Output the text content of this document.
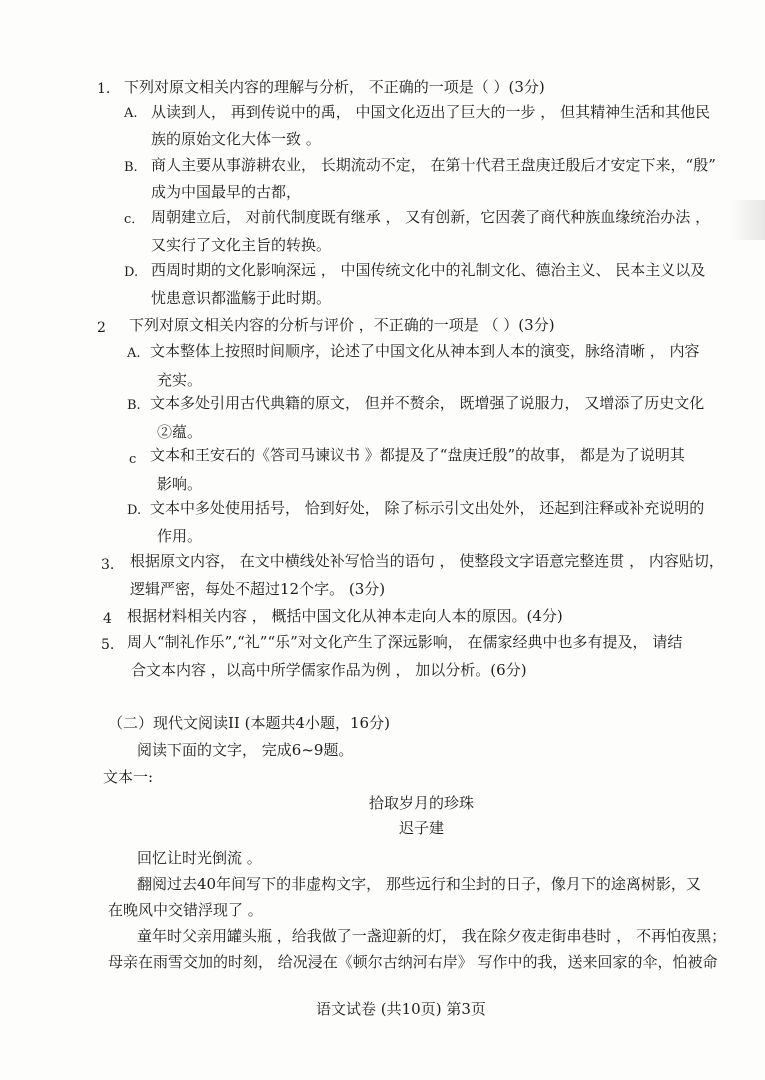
1. 下列对原文相关内容的理解与分析， 不正确的一项是（ ）(3分)
A. 从读到人， 再到传说中的禹， 中国文化迈出了巨大的一步 ， 但其精神生活和其他民
族的原始文化大体一致 。
B. 商人主要从事游耕农业， 长期流动不定， 在第十代君王盘庚迁殷后才安定下来，“殷”
成为中国最早的古都，
c． 周朝建立后， 对前代制度既有继承 ， 又有创新，它因袭了商代种族血缘统治办法 ，
又实行了文化主旨的转换。
D. 西周时期的文化影响深远 ， 中国传统文化中的礼制文化、德治主义、 民本主义以及
忧患意识都滥觞于此时期。
2 下列对原文相关内容的分析与评价 ，不正确的一项是 （ ）(3分)
A. 文本整体上按照时间顺序，论述了中国文化从神本到人本的演变，脉络清晰 ， 内容
充实。
B. 文本多处引用古代典籍的原文， 但并不赘余， 既增强了说服力， 又增添了历史文化
②蕴。
c 文本和王安石的《答司马谏议书 》都提及了“盘庚迁殷”的故事， 都是为了说明其
影响。
D. 文本中多处使用括号， 恰到好处， 除了标示引文出处外， 还起到注释或补充说明的
作用。
3. 根据原文内容， 在文中横线处补写恰当的语句 ， 使整段文字语意完整连贯 ， 内容贴切，
逻辑严密，每处不超过12个字。 (3分)
4 根据材料相关内容 ， 概括中国文化从神本走向人本的原因。(4分)
5. 周人“制礼作乐”,“礼”“乐”对文化产生了深远影响， 在儒家经典中也多有提及， 请结
合文本内容 ，以高中所学儒家作品为例 ， 加以分析。(6分)
（二）现代文阅读ⅠⅠ (本题共4小题，16分)
阅读下面的文字， 完成6~9题。
文本一:
拾取岁月的珍珠
迟子建
回忆让时光倒流 。
翻阅过去40年间写下的非虚构文字， 那些远行和尘封的日子，像月下的途离树影，又
在晚风中交错浮现了 。
童年时父亲用罐头瓶 ，给我做了一盏迎新的灯， 我在除夕夜走街串巷时 ， 不再怕夜黑；
母亲在雨雪交加的时刻， 给况浸在《顿尔古纳河右岸》 写作中的我，送来回家的伞，怕被命
语文试卷 (共10页) 第3页
